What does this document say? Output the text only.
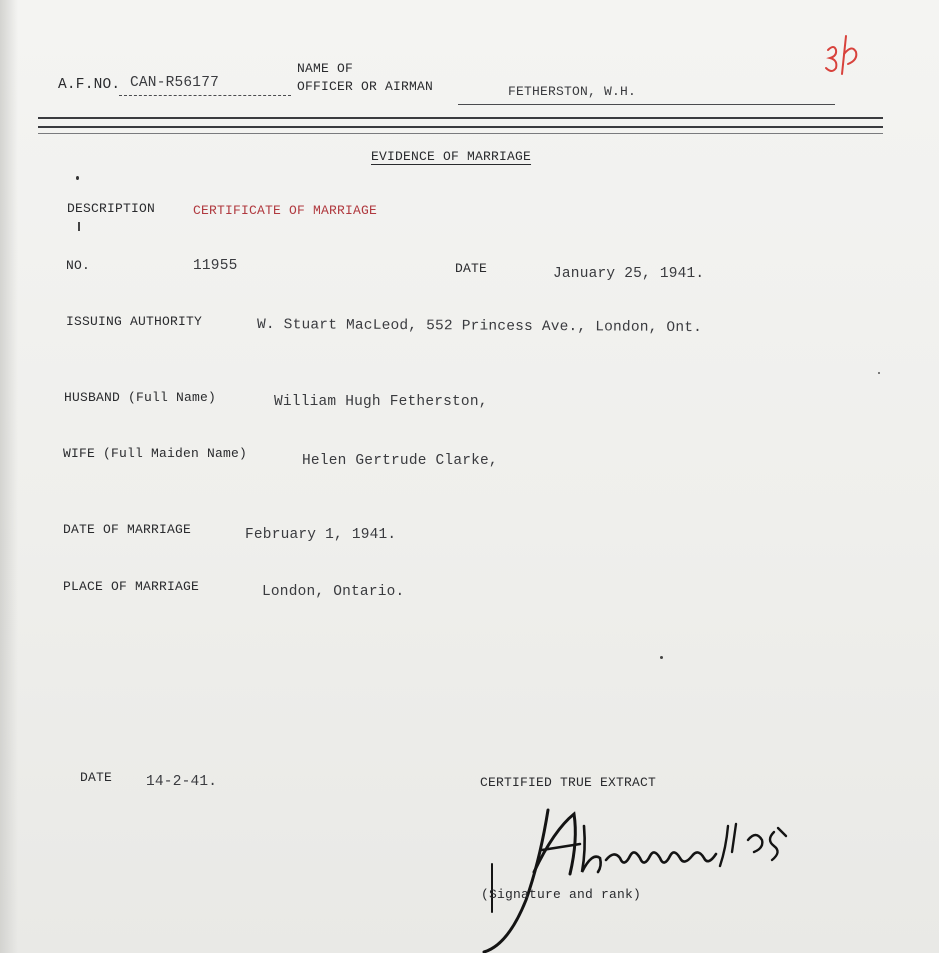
A.F.NO. CAN-R56177
NAME OF
OFFICER OR AIRMAN	FETHERSTON, W.H.
EVIDENCE OF MARRIAGE
DESCRIPTION	CERTIFICATE OF MARRIAGE
NO.	11955	DATE	January 25, 1941.
ISSUING AUTHORITY	W. Stuart MacLeod, 552 Princess Ave., London, Ont.
HUSBAND (Full Name)	William Hugh Fetherston,
WIFE (Full Maiden Name)	Helen Gertrude Clarke,
DATE OF MARRIAGE	February 1, 1941.
PLACE OF MARRIAGE	London, Ontario.
DATE 14-2-41.	CERTIFIED TRUE EXTRACT
(Signature and rank)
